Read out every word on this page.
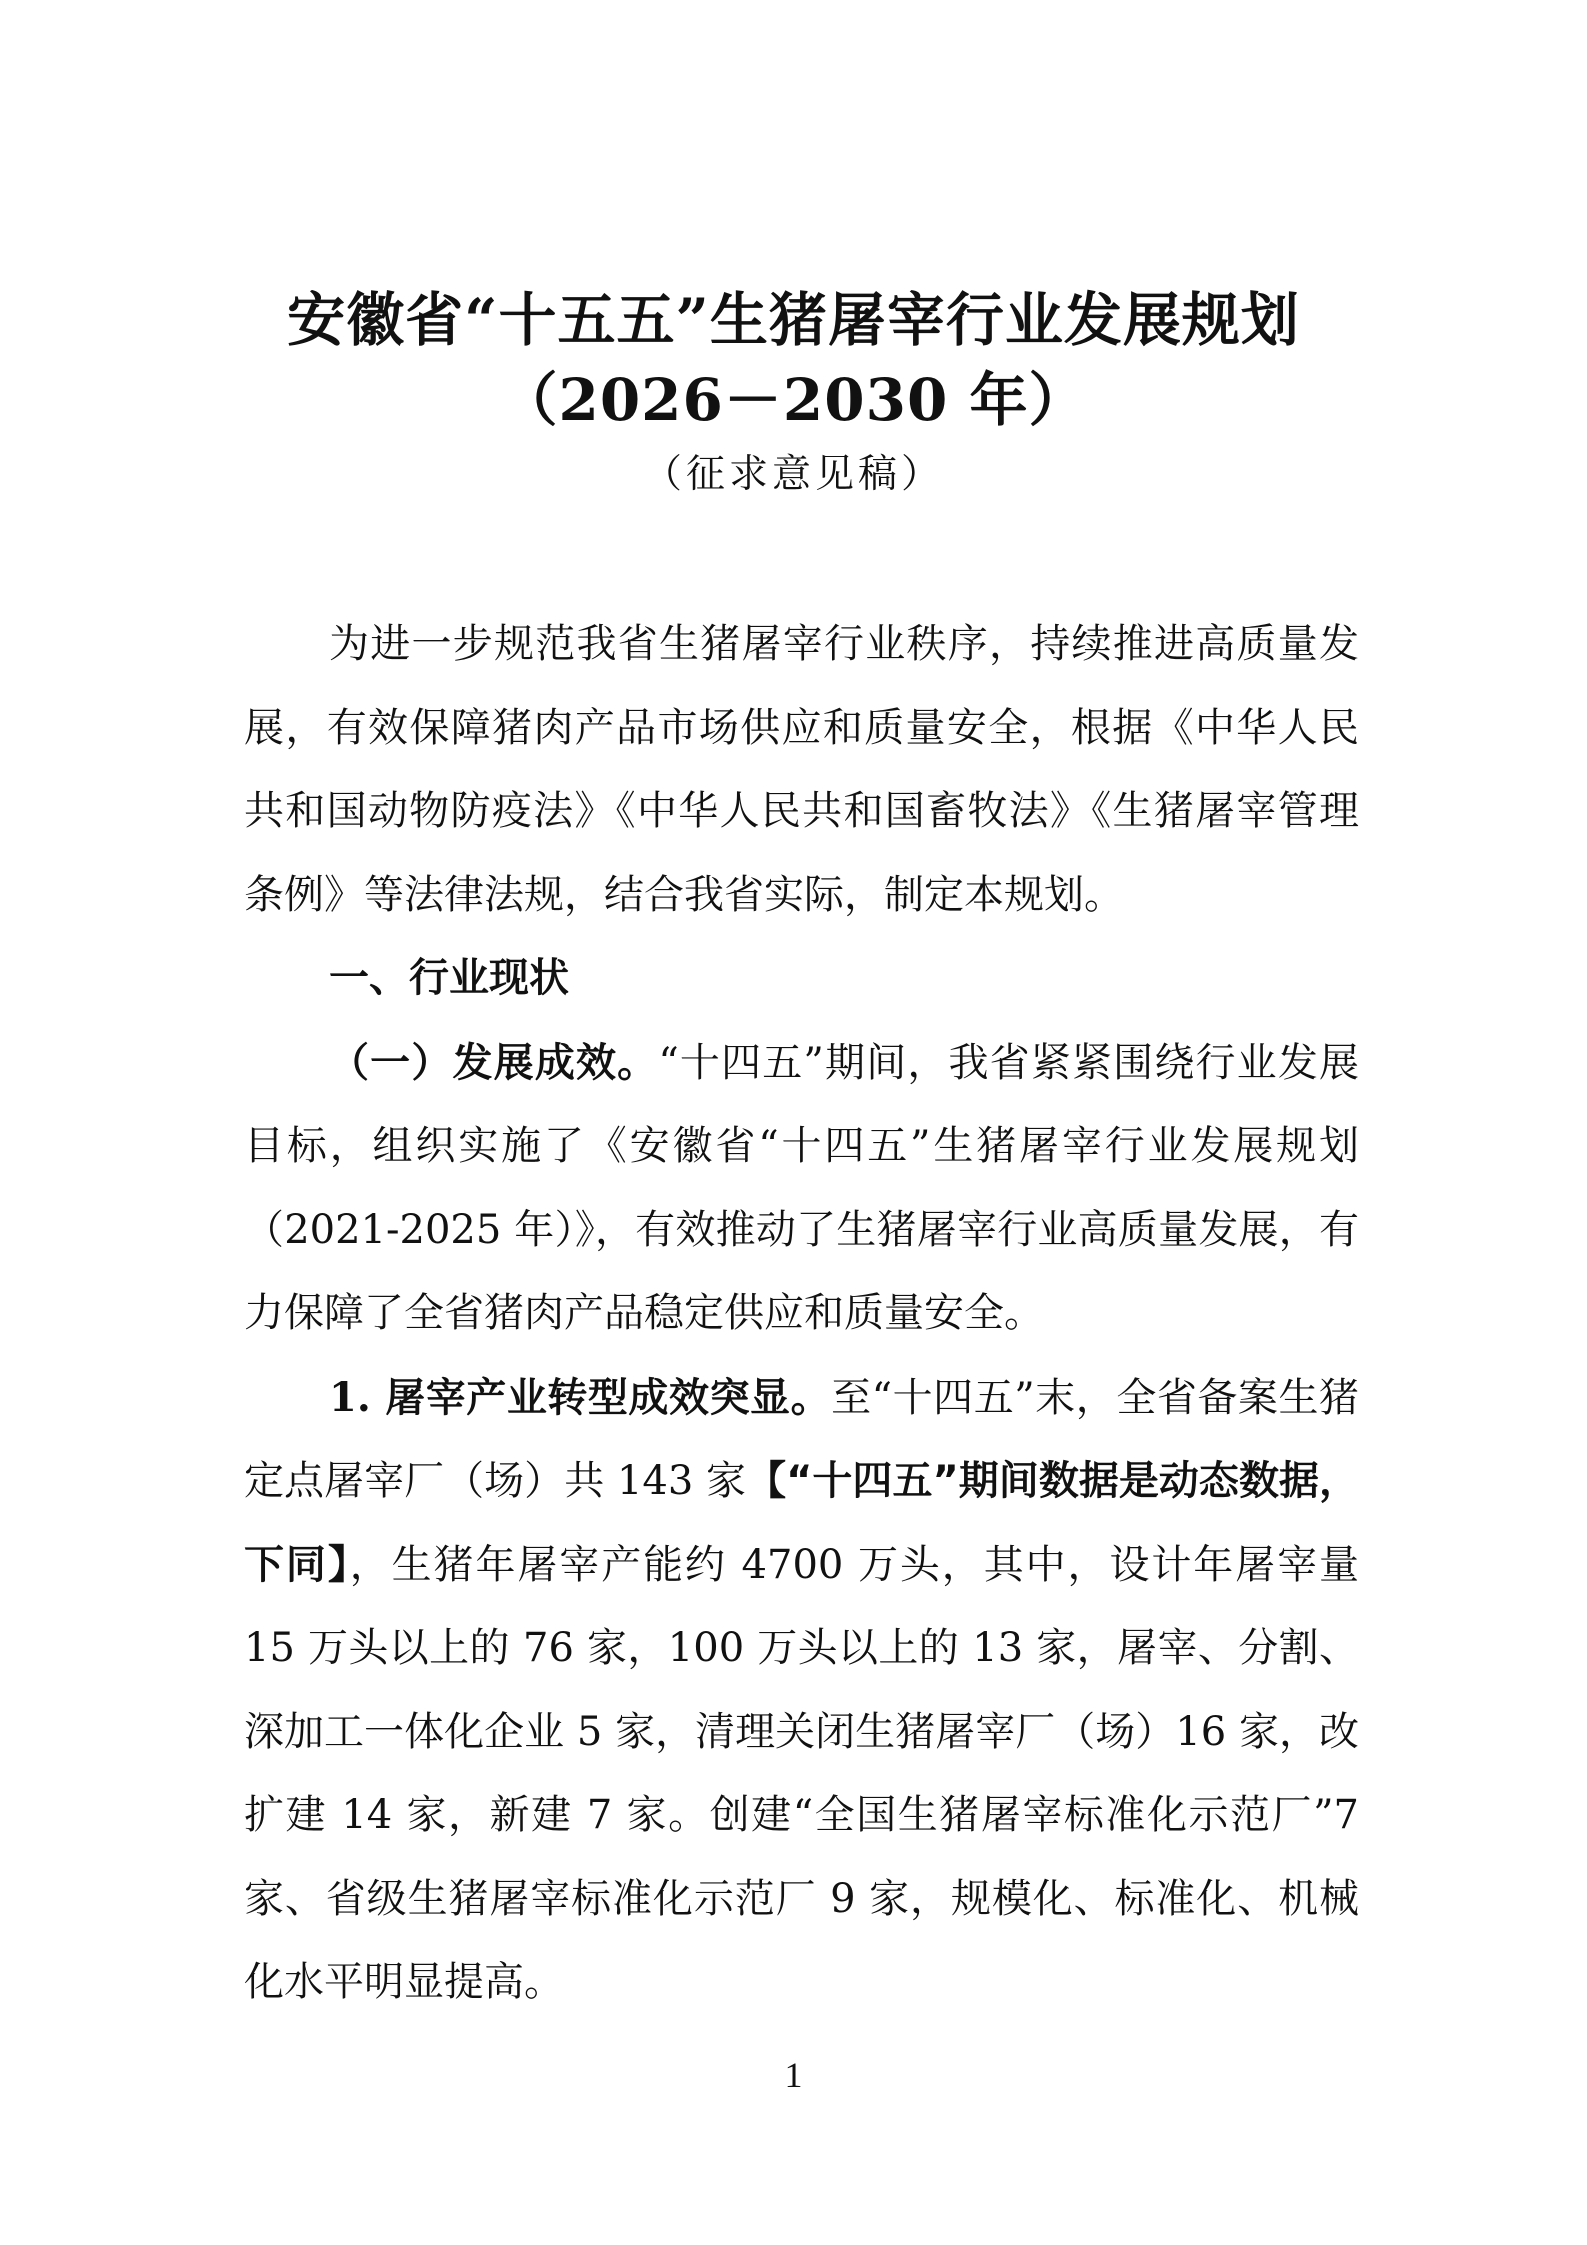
安徽省“十五五”生猪屠宰行业发展规划
（2026－2030 年）
（征求意见稿）

为进一步规范我省生猪屠宰行业秩序，持续推进高质量发展，有效保障猪肉产品市场供应和质量安全，根据《中华人民共和国动物防疫法》《中华人民共和国畜牧法》《生猪屠宰管理条例》等法律法规，结合我省实际，制定本规划。

一、行业现状

（一）发展成效。“十四五”期间，我省紧紧围绕行业发展目标，组织实施了《安徽省“十四五”生猪屠宰行业发展规划（2021-2025 年）》，有效推动了生猪屠宰行业高质量发展，有力保障了全省猪肉产品稳定供应和质量安全。

1. 屠宰产业转型成效突显。至“十四五”末，全省备案生猪定点屠宰厂（场）共 143 家【“十四五”期间数据是动态数据，下同】，生猪年屠宰产能约 4700 万头，其中，设计年屠宰量 15 万头以上的 76 家，100 万头以上的 13 家，屠宰、分割、深加工一体化企业 5 家，清理关闭生猪屠宰厂（场）16 家，改扩建 14 家，新建 7 家。创建“全国生猪屠宰标准化示范厂”7 家、省级生猪屠宰标准化示范厂 9 家，规模化、标准化、机械化水平明显提高。

1
